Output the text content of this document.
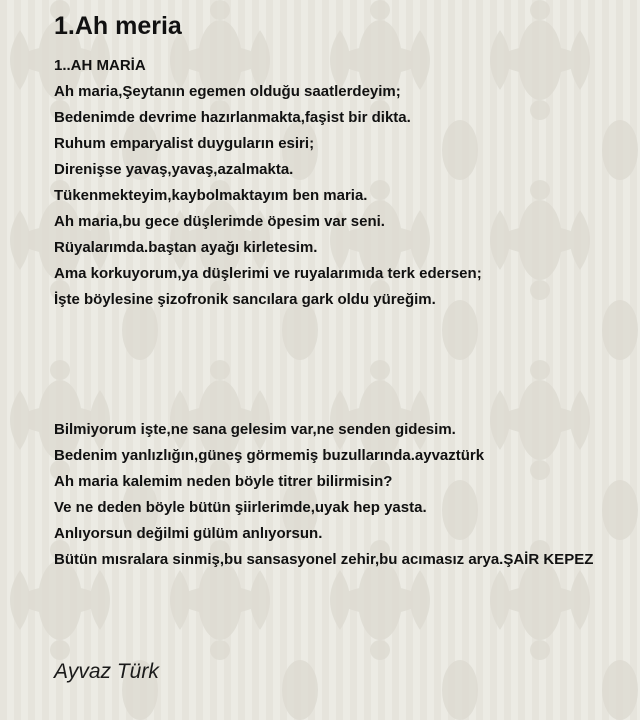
1.Ah meria
1..AH MARİA
Ah maria,Şeytanın egemen olduğu saatlerdeyim;
Bedenimde devrime hazırlanmakta,faşist bir dikta.
Ruhum emparyalist duyguların esiri;
Direnişse yavaş,yavaş,azalmakta.
Tükenmekteyim,kaybolmaktayım ben maria.
Ah maria,bu gece düşlerimde öpesim var seni.
Rüyalarımda.baştan ayağı kirletesim.
Ama korkuyorum,ya düşlerimi ve ruyalarımıda terk edersen;
İşte böylesine şizofronik sancılara gark oldu yüreğim.
Bilmiyorum işte,ne sana gelesim var,ne senden gidesim.
Bedenim yanlızlığın,güneş görmemiş buzullarında.ayvaztürk
Ah maria kalemim neden böyle titrer bilirmisin?
Ve ne deden böyle bütün şiirlerimde,uyak hep yasta.
Anlıyorsun değilmi gülüm anlıyorsun.
Bütün mısralara sinmiş,bu sansasyonel zehir,bu acımasız arya.ŞAİR KEPEZ
Ayvaz Türk
